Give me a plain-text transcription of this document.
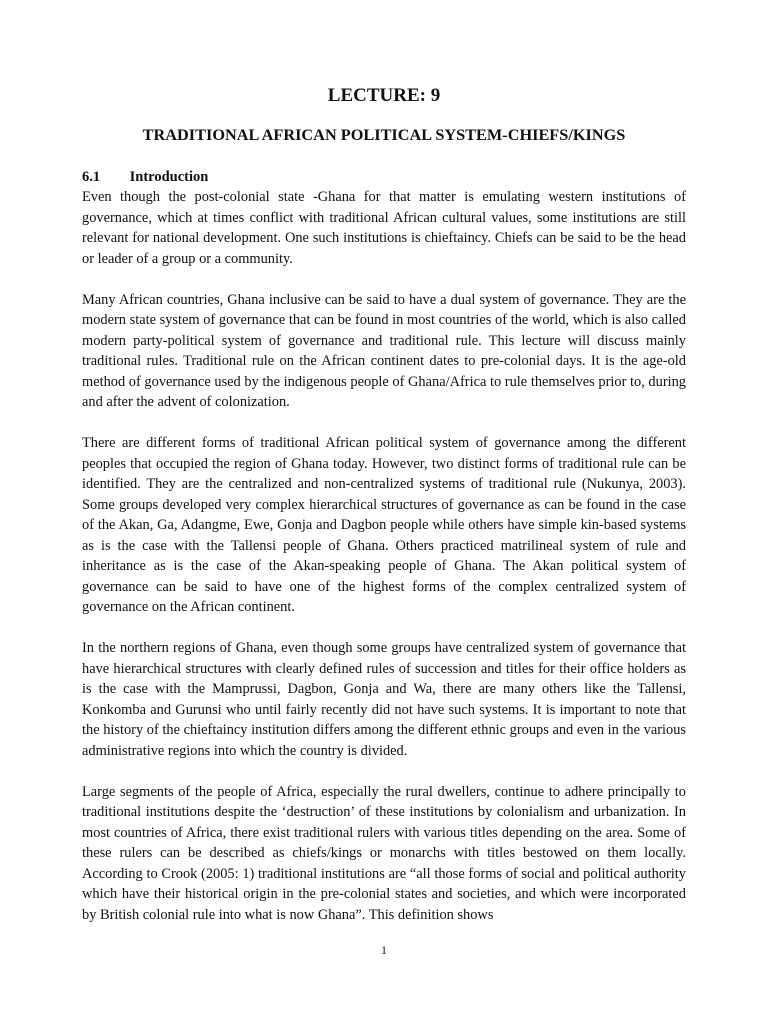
LECTURE: 9
TRADITIONAL AFRICAN POLITICAL SYSTEM-CHIEFS/KINGS
6.1 Introduction

Even though the post-colonial state -Ghana for that matter is emulating western institutions of governance, which at times conflict with traditional African cultural values, some institutions are still relevant for national development. One such institutions is chieftaincy. Chiefs can be said to be the head or leader of a group or a community.

Many African countries, Ghana inclusive can be said to have a dual system of governance. They are the modern state system of governance that can be found in most countries of the world, which is also called modern party-political system of governance and traditional rule. This lecture will discuss mainly traditional rules. Traditional rule on the African continent dates to pre-colonial days. It is the age-old method of governance used by the indigenous people of Ghana/Africa to rule themselves prior to, during and after the advent of colonization.

There are different forms of traditional African political system of governance among the different peoples that occupied the region of Ghana today. However, two distinct forms of traditional rule can be identified. They are the centralized and non-centralized systems of traditional rule (Nukunya, 2003). Some groups developed very complex hierarchical structures of governance as can be found in the case of the Akan, Ga, Adangme, Ewe, Gonja and Dagbon people while others have simple kin-based systems as is the case with the Tallensi people of Ghana. Others practiced matrilineal system of rule and inheritance as is the case of the Akan-speaking people of Ghana. The Akan political system of governance can be said to have one of the highest forms of the complex centralized system of governance on the African continent.

In the northern regions of Ghana, even though some groups have centralized system of governance that have hierarchical structures with clearly defined rules of succession and titles for their office holders as is the case with the Mamprussi, Dagbon, Gonja and Wa, there are many others like the Tallensi, Konkomba and Gurunsi who until fairly recently did not have such systems. It is important to note that the history of the chieftaincy institution differs among the different ethnic groups and even in the various administrative regions into which the country is divided.

Large segments of the people of Africa, especially the rural dwellers, continue to adhere principally to traditional institutions despite the ‘destruction’ of these institutions by colonialism and urbanization. In most countries of Africa, there exist traditional rulers with various titles depending on the area. Some of these rulers can be described as chiefs/kings or monarchs with titles bestowed on them locally. According to Crook (2005: 1) traditional institutions are “all those forms of social and political authority which have their historical origin in the pre-colonial states and societies, and which were incorporated by British colonial rule into what is now Ghana”. This definition shows

1
